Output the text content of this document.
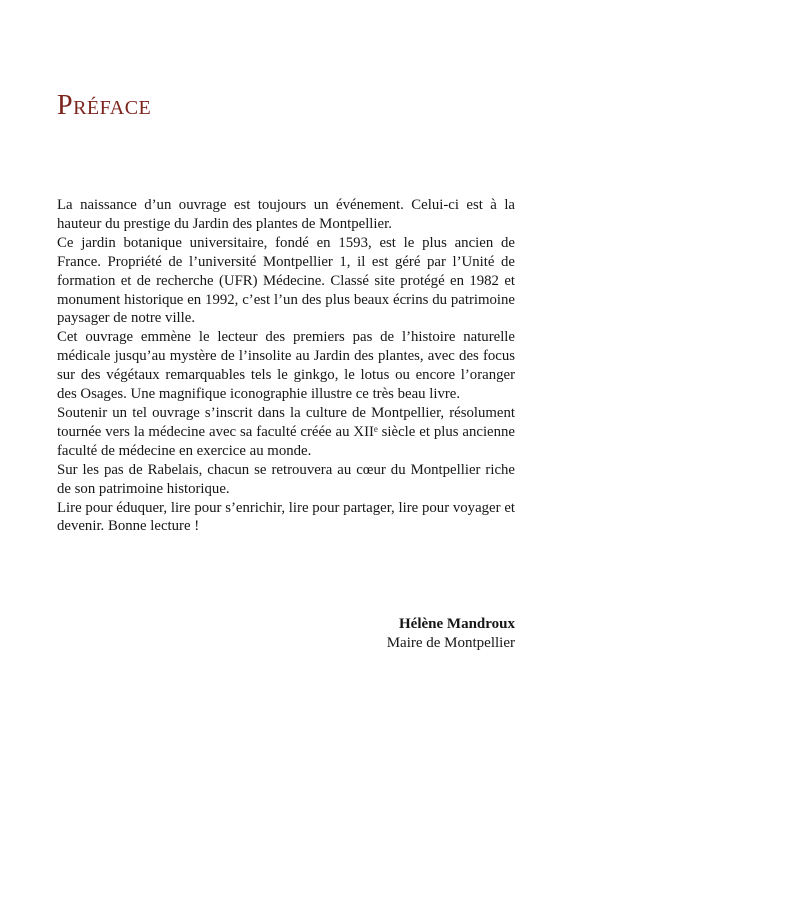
Préface

La naissance d’un ouvrage est toujours un événement. Celui-ci est à la hauteur du prestige du Jardin des plantes de Montpellier.

Ce jardin botanique universitaire, fondé en 1593, est le plus ancien de France. Propriété de l’université Montpellier 1, il est géré par l’Unité de formation et de recherche (UFR) Médecine. Classé site protégé en 1982 et monument historique en 1992, c’est l’un des plus beaux écrins du patrimoine paysager de notre ville.

Cet ouvrage emmène le lecteur des premiers pas de l’histoire naturelle médicale jusqu’au mystère de l’insolite au Jardin des plantes, avec des focus sur des végétaux remarquables tels le ginkgo, le lotus ou encore l’oranger des Osages. Une magnifique iconographie illustre ce très beau livre.

Soutenir un tel ouvrage s’inscrit dans la culture de Montpellier, résolument tournée vers la médecine avec sa faculté créée au XIIᵉ siècle et plus ancienne faculté de médecine en exercice au monde.

Sur les pas de Rabelais, chacun se retrouvera au cœur du Montpellier riche de son patrimoine historique.

Lire pour éduquer, lire pour s’enrichir, lire pour partager, lire pour voyager et devenir. Bonne lecture !

Hélène Mandroux
Maire de Montpellier
